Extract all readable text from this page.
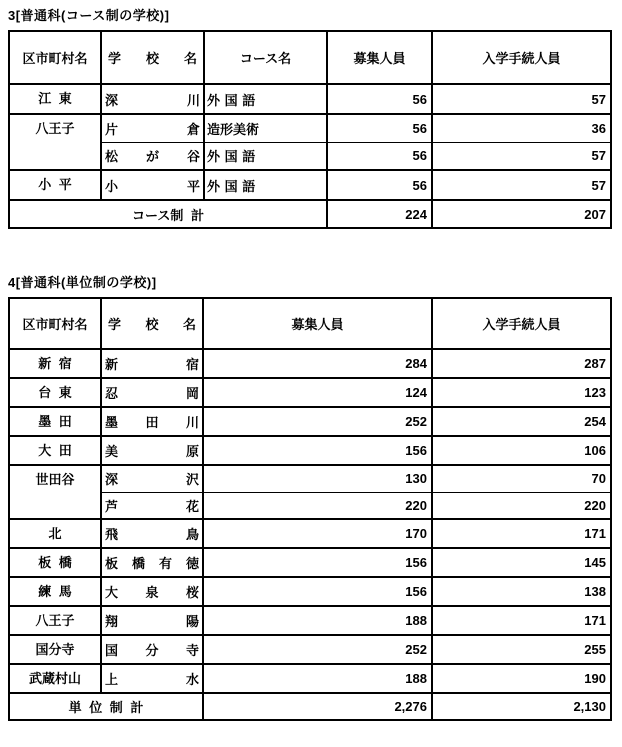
3[普通科(コース制の学校)]
区市町村名	学 校 名	コース名	募集人員	入学手続人員

江 東	深 川	外 国 語	56	57

八王子	片 倉	造形美術	56	36

	松 が 谷	外 国 語	56	57

小 平	小 平	外 国 語	56	57
コース制 計			224	207
4[普通科(単位制の学校)]
区市町村名	学 校 名	募集人員	入学手続人員

新 宿	新 宿	284	287

台 東	忍 岡	124	123

墨 田	墨 田 川	252	254

大 田	美 原	156	106

世田谷	深 沢	130	70

	芦 花	220	220

北	飛 鳥	170	171

板 橋	板 橋 有 徳	156	145

練 馬	大 泉 桜	156	138

八王子	翔 陽	188	171

国分寺	国 分 寺	252	255

武蔵村山	上 水	188	190
単 位 制 計		2,276	2,130
